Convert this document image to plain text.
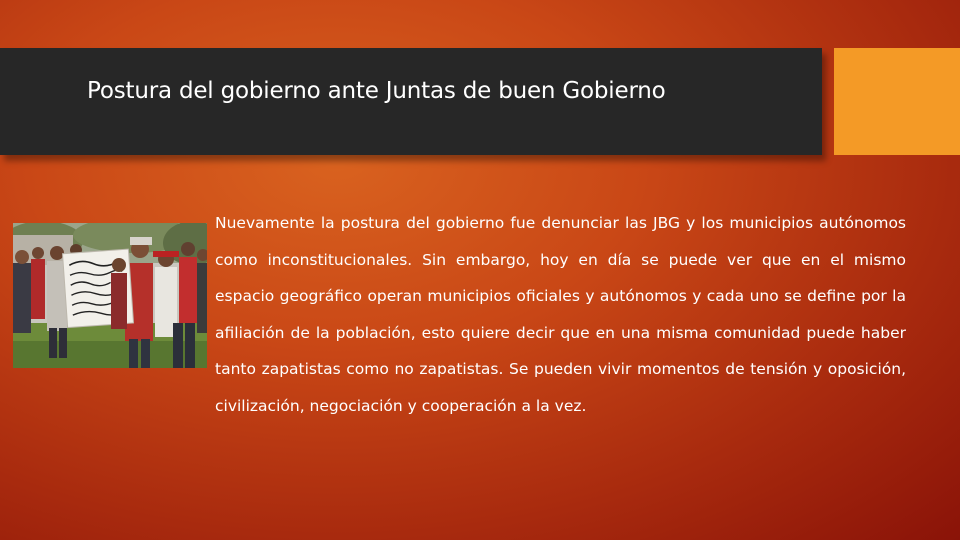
Postura del gobierno ante Juntas de buen Gobierno

Nuevamente la postura del gobierno fue denunciar las JBG y los municipios autónomos como inconstitucionales. Sin embargo, hoy en día se puede ver que en el mismo espacio geográfico operan municipios oficiales y autónomos y cada uno se define por la afiliación de la población, esto quiere decir que en una misma comunidad puede haber tanto zapatistas como no zapatistas. Se pueden vivir momentos de tensión y oposición, civilización, negociación y cooperación a la vez.
